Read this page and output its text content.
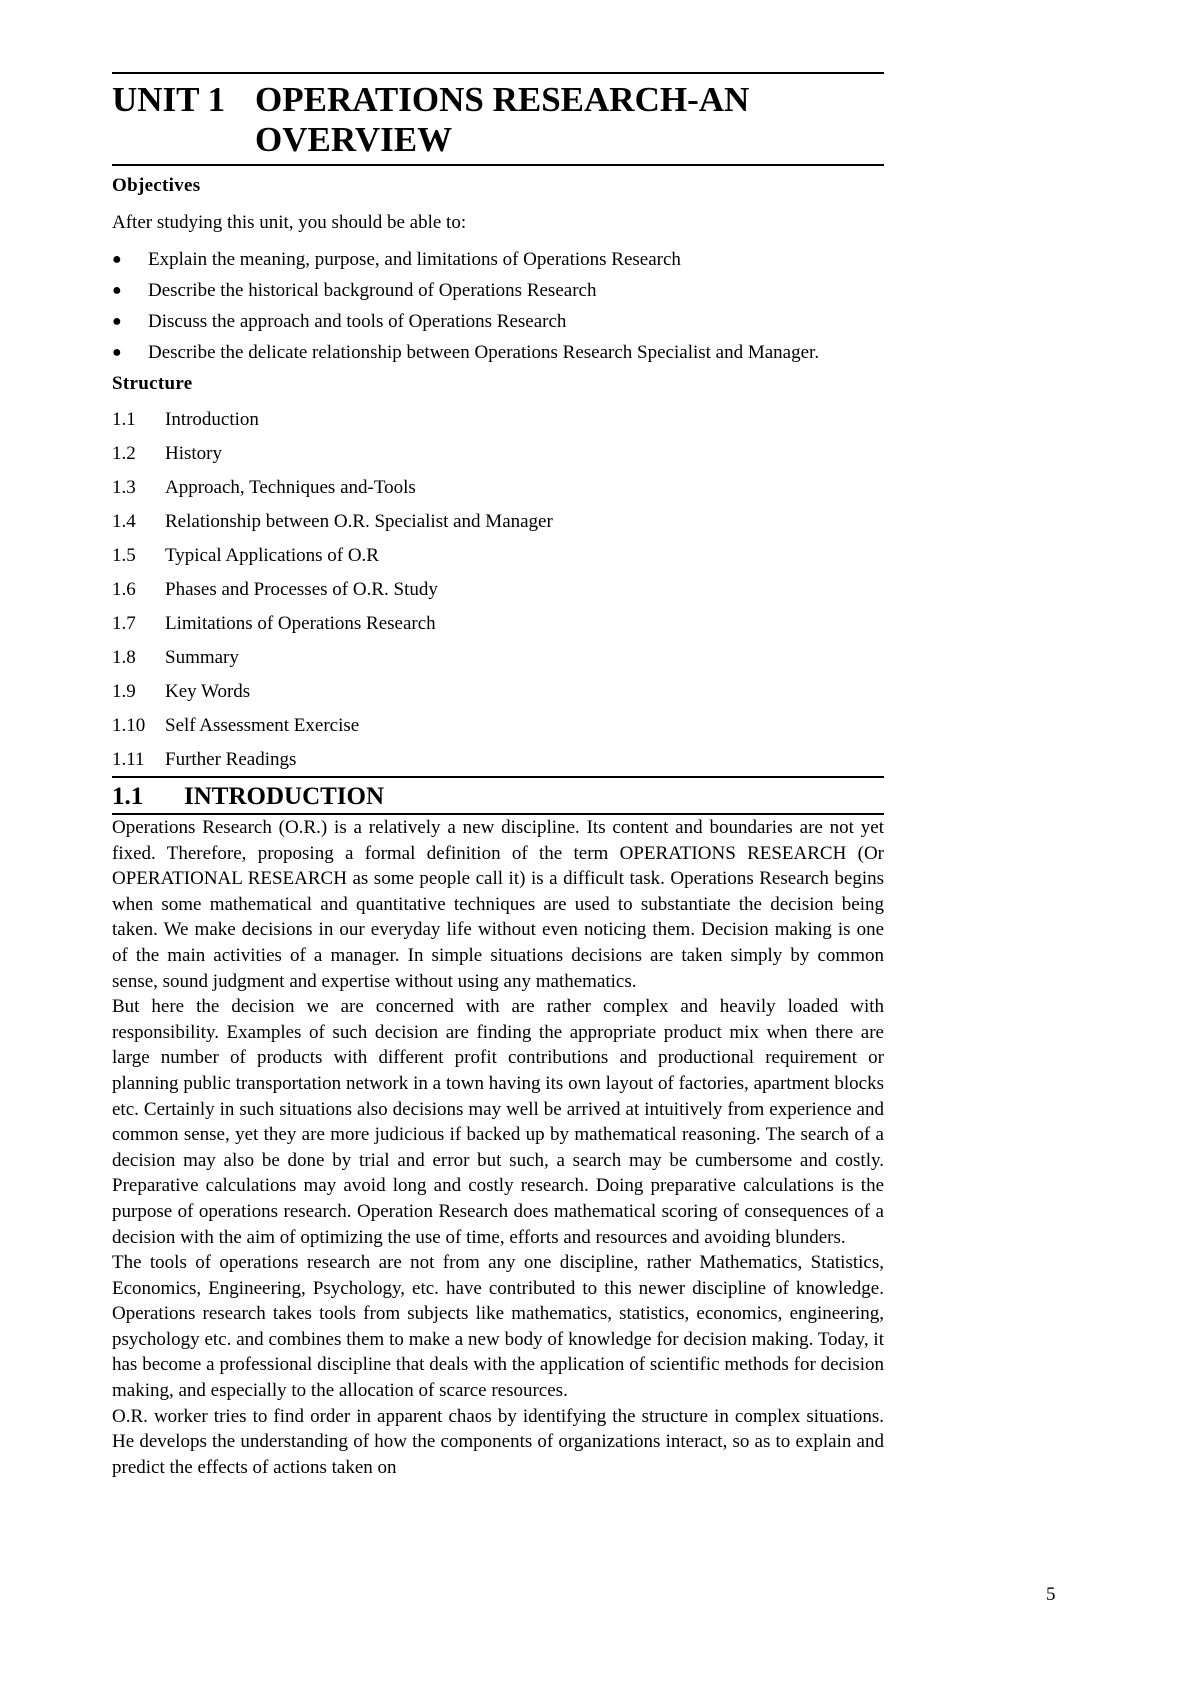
UNIT 1 OPERATIONS RESEARCH-AN
OVERVIEW
Objectives
After studying this unit, you should be able to:
● Explain the meaning, purpose, and limitations of Operations Research
● Describe the historical background of Operations Research
● Discuss the approach and tools of Operations Research
● Describe the delicate relationship between Operations Research Specialist and Manager.
Structure
1.1	Introduction
1.2	History
1.3	Approach, Techniques and-Tools
1.4	Relationship between O.R. Specialist and Manager
1.5	Typical Applications of O.R
1.6	Phases and Processes of O.R. Study
1.7	Limitations of Operations Research
1.8	Summary
1.9	Key Words
1.10	Self Assessment Exercise
1.11	Further Readings
1.1	INTRODUCTION

Operations Research (O.R.) is a relatively a new discipline. Its content and boundaries are not yet fixed. Therefore, proposing a formal definition of the term OPERATIONS RESEARCH (Or OPERATIONAL RESEARCH as some people call it) is a difficult task. Operations Research begins when some mathematical and quantitative techniques are used to substantiate the decision being taken. We make decisions in our everyday life without even noticing them. Decision making is one of the main activities of a manager. In simple situations decisions are taken simply by common sense, sound judgment and expertise without using any mathematics.

But here the decision we are concerned with are rather complex and heavily loaded with responsibility. Examples of such decision are finding the appropriate product mix when there are large number of products with different profit contributions and productional requirement or planning public transportation network in a town having its own layout of factories, apartment blocks etc. Certainly in such situations also decisions may well be arrived at intuitively from experience and common sense, yet they are more judicious if backed up by mathematical reasoning. The search of a decision may also be done by trial and error but such, a search may be cumbersome and costly. Preparative calculations may avoid long and costly research. Doing preparative calculations is the purpose of operations research. Operation Research does mathematical scoring of consequences of a decision with the aim of optimizing the use of time, efforts and resources and avoiding blunders.

The tools of operations research are not from any one discipline, rather Mathematics, Statistics, Economics, Engineering, Psychology, etc. have contributed to this newer discipline of knowledge. Operations research takes tools from subjects like mathematics, statistics, economics, engineering, psychology etc. and combines them to make a new body of knowledge for decision making. Today, it has become a professional discipline that deals with the application of scientific methods for decision making, and especially to the allocation of scarce resources.

O.R. worker tries to find order in apparent chaos by identifying the structure in complex situations. He develops the understanding of how the components of organizations interact, so as to explain and predict the effects of actions taken on

5
